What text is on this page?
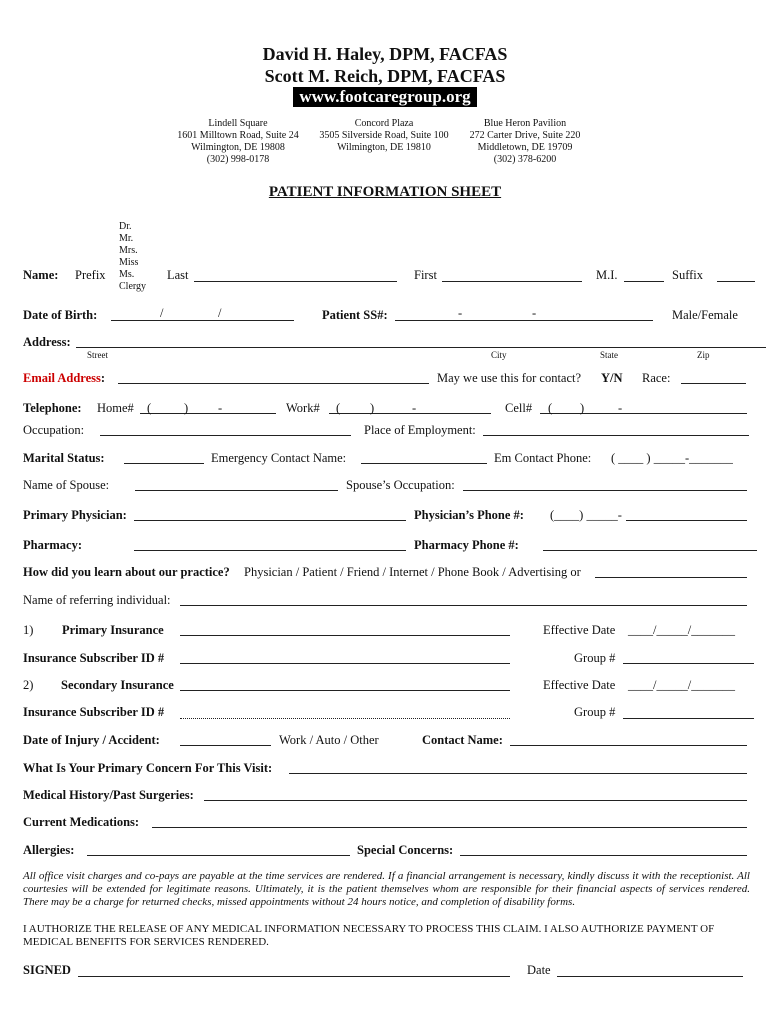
David H. Haley, DPM, FACFAS
Scott M. Reich, DPM, FACFAS
www.footcaregroup.org
Lindell Square
1601 Milltown Road, Suite 24
Wilmington, DE 19808
(302) 998-0178
Concord Plaza
3505 Silverside Road, Suite 100
Wilmington, DE 19810
Blue Heron Pavilion
272 Carter Drive, Suite 220
Middletown, DE 19709
(302) 378-6200
PATIENT INFORMATION SHEET
Dr.
Mr.
Mrs.
Miss
Ms.
Clergy
Name: Prefix	Last	First	M.I.	Suffix
Date of Birth:	/	/	Patient SS#:	-	-	Male/Female
Address:
Street	City	State	Zip
Email Address:	May we use this for contact? Y/N Race:
Telephone: Home# (	) -	Work# ( )	-	Cell# ( )	-
Occupation:	Place of Employment:
Marital Status:	Emergency Contact Name:	Em Contact Phone: ( ____ ) _____-_______
Name of Spouse:	Spouse’s Occupation:
Primary Physician:	Physician’s Phone #: (____) _____-
Pharmacy:	Pharmacy Phone #:
How did you learn about our practice? Physician / Patient / Friend / Internet / Phone Book / Advertising or
Name of referring individual:
1) Primary Insurance	Effective Date ____/_____/_______
Insurance Subscriber ID #	Group #
2) Secondary Insurance	Effective Date ____/_____/_______
Insurance Subscriber ID #	Group #
Date of Injury / Accident:	Work / Auto / Other	Contact Name:
What Is Your Primary Concern For This Visit:
Medical History/Past Surgeries:
Current Medications:
Allergies:	Special Concerns:
All office visit charges and co-pays are payable at the time services are rendered. If a financial arrangement is necessary, kindly discuss it with the receptionist. All courtesies will be extended for legitimate reasons. Ultimately, it is the patient themselves whom are responsible for their financial aspects of services rendered. There may be a charge for returned checks, missed appointments without 24 hours notice, and completion of disability forms.
I AUTHORIZE THE RELEASE OF ANY MEDICAL INFORMATION NECESSARY TO PROCESS THIS CLAIM. I ALSO AUTHORIZE PAYMENT OF MEDICAL BENEFITS FOR SERVICES RENDERED.
SIGNED	Date
